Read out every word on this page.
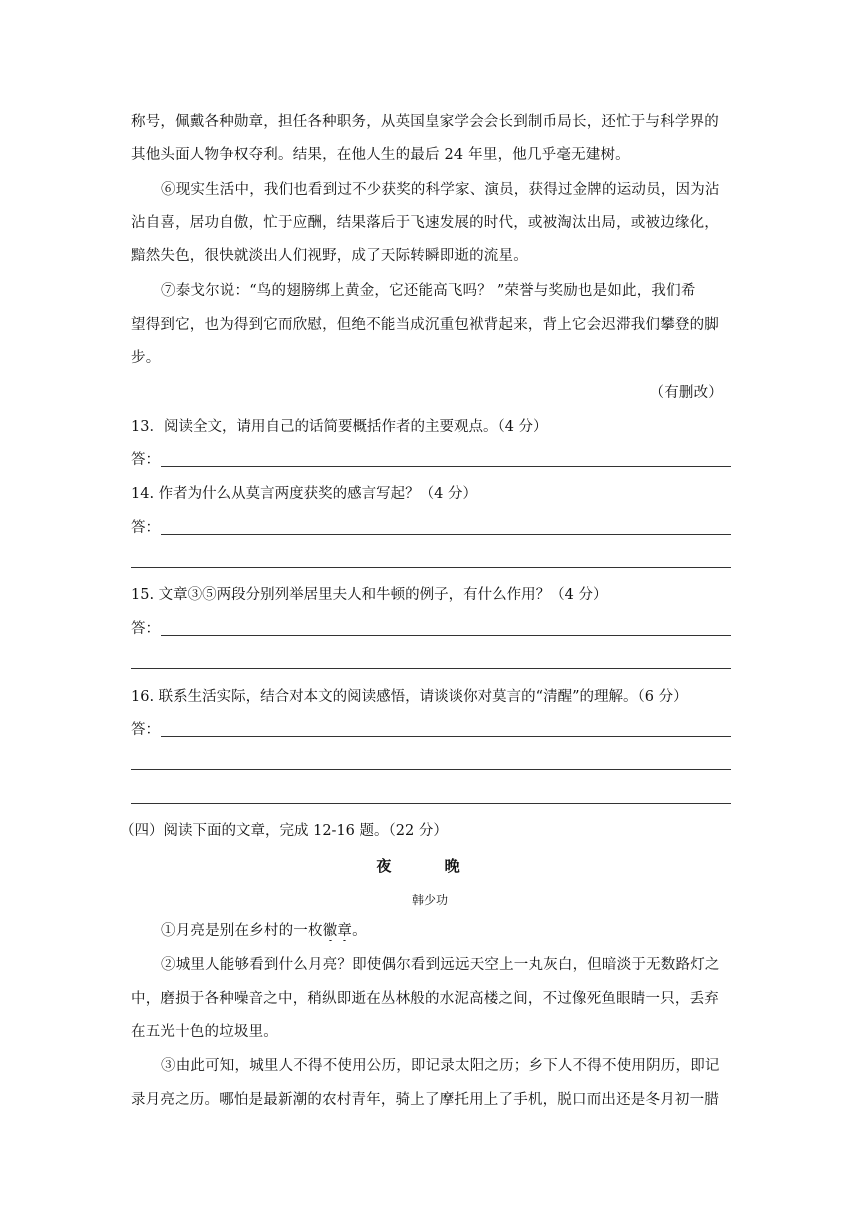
称号，佩戴各种勋章，担任各种职务，从英国皇家学会会长到制币局长，还忙于与科学界的
其他头面人物争权夺利。结果，在他人生的最后 24 年里，他几乎毫无建树。
⑥现实生活中，我们也看到过不少获奖的科学家、演员，获得过金牌的运动员，因为沾
沾自喜，居功自傲，忙于应酬，结果落后于飞速发展的时代，或被淘汰出局，或被边缘化，
黯然失色，很快就淡出人们视野，成了天际转瞬即逝的流星。
⑦泰戈尔说：“鸟的翅膀绑上黄金，它还能高飞吗？ ”荣誉与奖励也是如此，我们希
望得到它，也为得到它而欣慰，但绝不能当成沉重包袱背起来，背上它会迟滞我们攀登的脚
步。
（有删改）
13．阅读全文，请用自己的话简要概括作者的主要观点。（4 分）
答：
14. 作者为什么从莫言两度获奖的感言写起？（4 分）
答：
15. 文章③⑤两段分别列举居里夫人和牛顿的例子，有什么作用？（4 分）
答：
16. 联系生活实际，结合对本文的阅读感悟，请谈谈你对莫言的“清醒”的理解。（6 分）
答：
（四）阅读下面的文章，完成 12-16 题。（22 分）
夜 晚
韩少功
①月亮是别在乡村的一枚徽章。
②城里人能够看到什么月亮？即使偶尔看到远远天空上一丸灰白，但暗淡于无数路灯之
中，磨损于各种噪音之中，稍纵即逝在丛林般的水泥高楼之间，不过像死鱼眼睛一只，丢弃
在五光十色的垃圾里。
③由此可知，城里人不得不使用公历，即记录太阳之历；乡下人不得不使用阴历，即记
录月亮之历。哪怕是最新潮的农村青年，骑上了摩托用上了手机，脱口而出还是冬月初一腊
